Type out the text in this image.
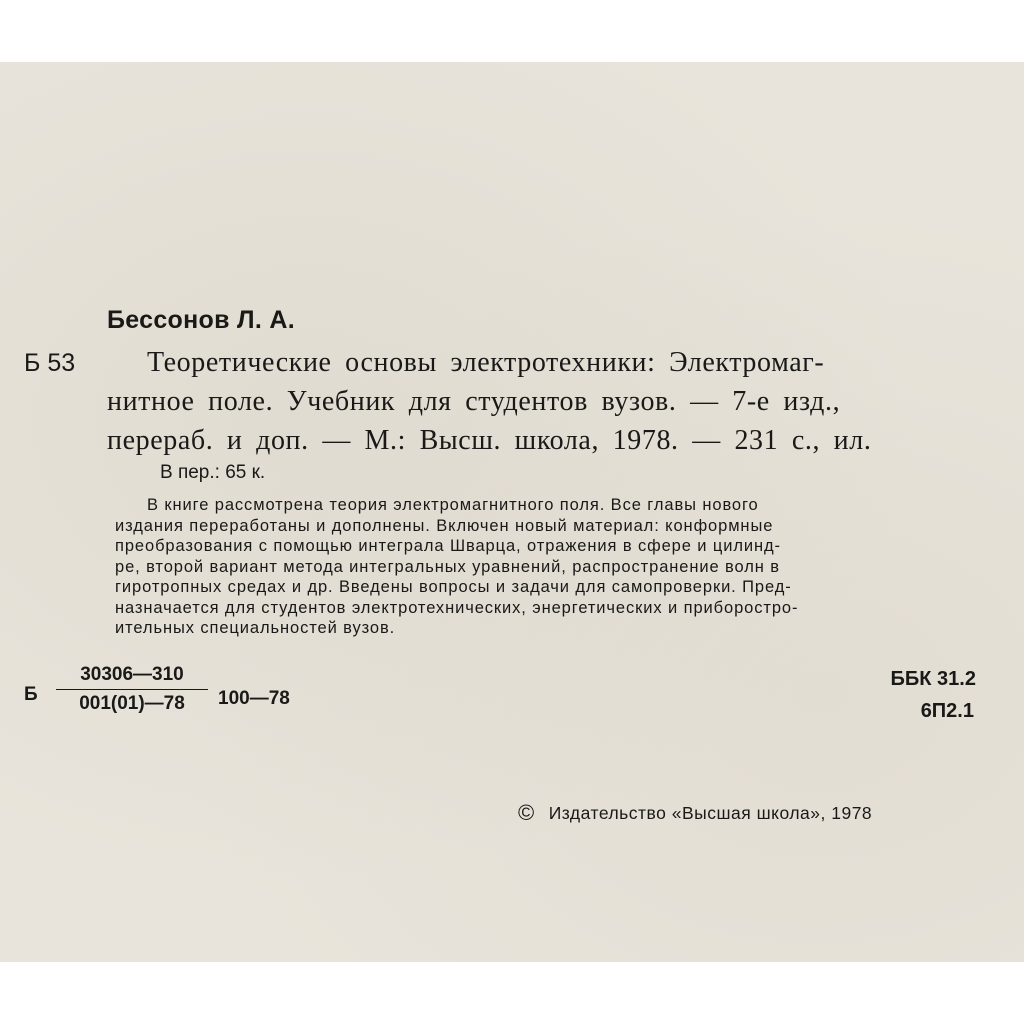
Бессонов Л. А.
Б 53	Теоретические основы электротехники: Электромаг-
нитное поле. Учебник для студентов вузов. — 7-е изд.,
перераб. и доп. — М.: Высш. школа, 1978. — 231 с., ил.
В пер.: 65 к.
В книге рассмотрена теория электромагнитного поля. Все главы нового
издания переработаны и дополнены. Включен новый материал: конформные
преобразования с помощью интеграла Шварца, отражения в сфере и цилинд-
ре, второй вариант метода интегральных уравнений, распространение волн в
гиротропных средах и др. Введены вопросы и задачи для самопроверки. Пред-
назначается для студентов электротехнических, энергетических и приборостро-
ительных специальностей вузов.
Б $\frac{30306—310}{001(01)—78}$ 100—78
ББК 31.2
6П2.1
© Издательство «Высшая школа», 1978
